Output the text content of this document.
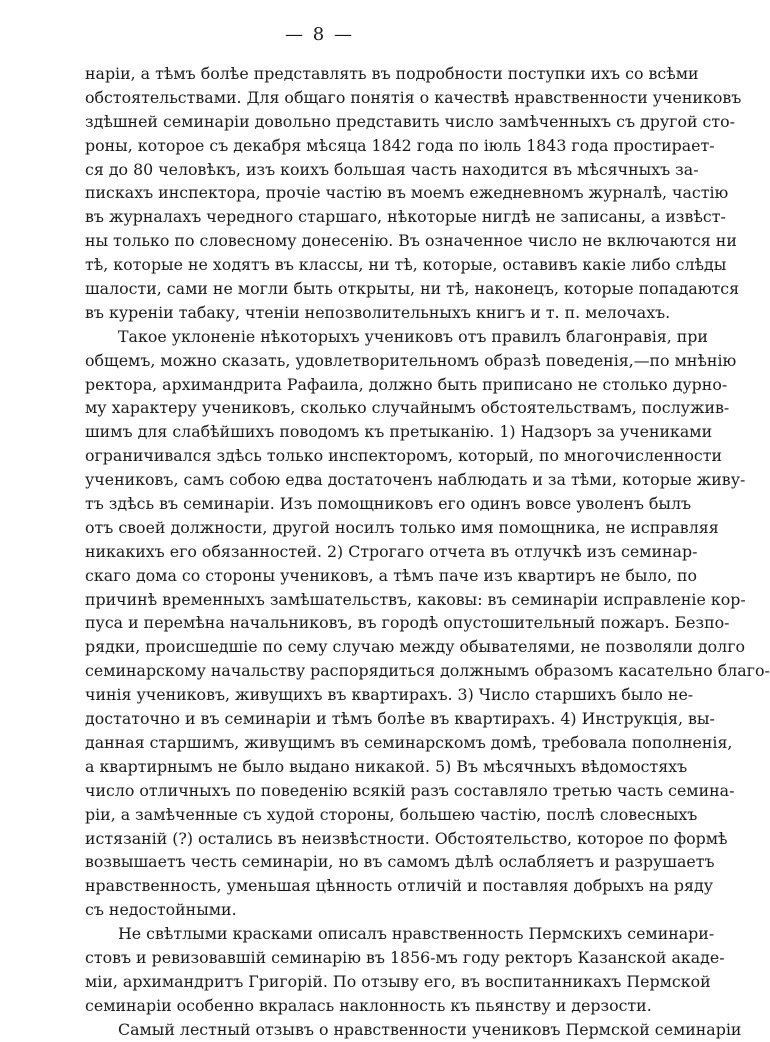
— 8 —
наріи, а тѣмъ болѣе представлять въ подробности поступки ихъ со всѣми
обстоятельствами. Для общаго понятія о качествѣ нравственности учениковъ
здѣшней семинаріи довольно представить число замѣченныхъ съ другой сто-
роны, которое съ декабря мѣсяца 1842 года по іюль 1843 года простирает-
ся до 80 человѣкъ, изъ коихъ большая часть находится въ мѣсячныхъ за-
пискахъ инспектора, прочіе частію въ моемъ ежедневномъ журналѣ, частію
въ журналахъ чередного старшаго, нѣкоторые нигдѣ не записаны, а извѣст-
ны только по словесному донесенію. Въ означенное число не включаются ни
тѣ, которые не ходятъ въ классы, ни тѣ, которые, оставивъ какіе либо слѣды
шалости, сами не могли быть открыты, ни тѣ, наконецъ, которые попадаются
въ куреніи табаку, чтеніи непозволительныхъ книгъ и т. п. мелочахъ.
Такое уклоненіе нѣкоторыхъ учениковъ отъ правилъ благонравія, при
общемъ, можно сказать, удовлетворительномъ образѣ поведенія,—по мнѣнію
ректора, архимандрита Рафаила, должно быть приписано не столько дурно-
му характеру учениковъ, сколько случайнымъ обстоятельствамъ, послужив-
шимъ для слабѣйшихъ поводомъ къ претыканію. 1) Надзоръ за учениками
ограничивался здѣсь только инспекторомъ, который, по многочисленности
учениковъ, самъ собою едва достаточенъ наблюдать и за тѣми, которые живу-
тъ здѣсь въ семинаріи. Изъ помощниковъ его одинъ вовсе уволенъ былъ
отъ своей должности, другой носилъ только имя помощника, не исправляя
никакихъ его обязанностей. 2) Строгаго отчета въ отлучкѣ изъ семинар-
скаго дома со стороны учениковъ, а тѣмъ паче изъ квартиръ не было, по
причинѣ временныхъ замѣшательствъ, каковы: въ семинаріи исправленіе кор-
пуса и перемѣна начальниковъ, въ городѣ опустошительный пожаръ. Безпо-
рядки, происшедшіе по сему случаю между обывателями, не позволяли долго
семинарскому начальству распорядиться должнымъ образомъ касательно благо-
чинія учениковъ, живущихъ въ квартирахъ. 3) Число старшихъ было не-
достаточно и въ семинаріи и тѣмъ болѣе въ квартирахъ. 4) Инструкція, вы-
данная старшимъ, живущимъ въ семинарскомъ домѣ, требовала пополненія,
а квартирнымъ не было выдано никакой. 5) Въ мѣсячныхъ вѣдомостяхъ
число отличныхъ по поведенію всякій разъ составляло третью часть семина-
ріи, а замѣченные съ худой стороны, большею частію, послѣ словесныхъ
истязаній (?) остались въ неизвѣстности. Обстоятельство, которое по формѣ
возвышаетъ честь семинаріи, но въ самомъ дѣлѣ ослабляетъ и разрушаетъ
нравственность, уменьшая цѣнность отличій и поставляя добрыхъ на ряду
съ недостойными.
Не свѣтлыми красками описалъ нравственность Пермскихъ семинари-
стовъ и ревизовавшій семинарію въ 1856-мъ году ректоръ Казанской акаде-
міи, архимандритъ Григорій. По отзыву его, въ воспитанникахъ Пермской
семинаріи особенно вкралась наклонность къ пьянству и дерзости.
Самый лестный отзывъ о нравственности учениковъ Пермской семинаріи
